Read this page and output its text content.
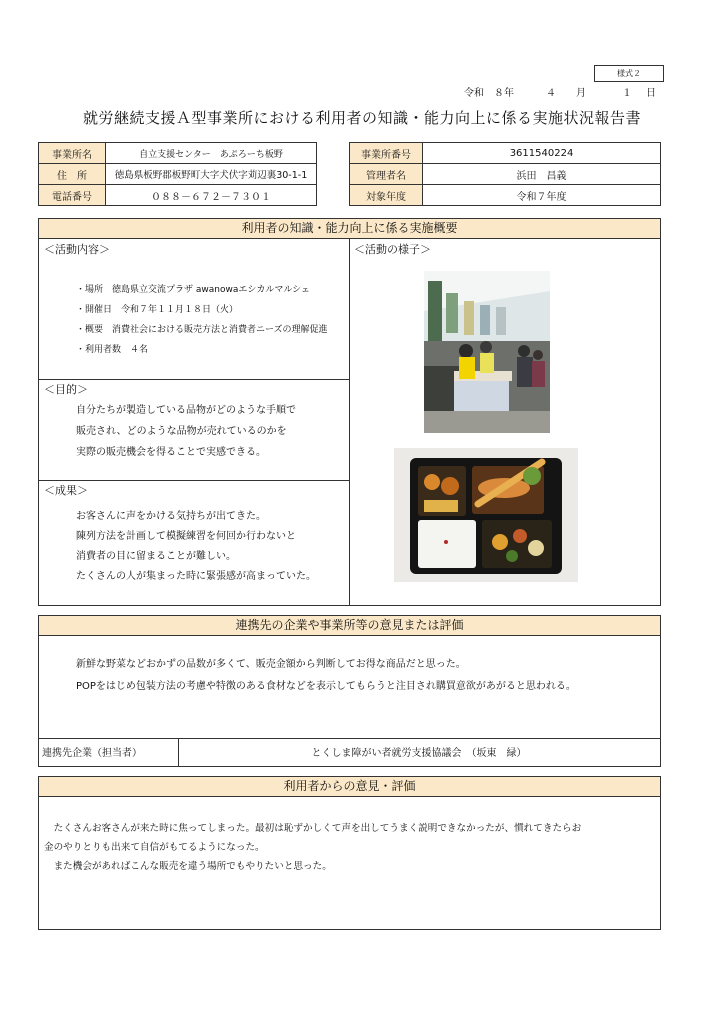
様式２
令和　８年	４ 月	１ 日
就労継続支援Ａ型事業所における利用者の知識・能力向上に係る実施状況報告書
事業所名	自立支援センター　あぷろーち板野
住　所	徳島県板野郡板野町大字犬伏字苅辺裏30-1-1
電話番号	０８８－６７２－７３０１
事業所番号	3611540224
管理者名	浜田　昌義
対象年度	令和７年度
利用者の知識・能力向上に係る実施概要
＜活動内容＞
・場所　徳島県立交流プラザ awanowaエシカルマルシェ
・開催日　令和７年１１月１８日（火）
・概要　消費社会における販売方法と消費者ニーズの理解促進
・利用者数　４名
＜活動の様子＞
＜目的＞
自分たちが製造している品物がどのような手順で
販売され、どのような品物が売れているのかを
実際の販売機会を得ることで実感できる。
＜成果＞
お客さんに声をかける気持ちが出てきた。
陳列方法を計画して模擬練習を何回か行わないと
消費者の目に留まることが難しい。
たくさんの人が集まった時に緊張感が高まっていた。
連携先の企業や事業所等の意見または評価
新鮮な野菜などおかずの品数が多くて、販売金額から判断してお得な商品だと思った。
POPをはじめ包装方法の考慮や特徴のある食材などを表示してもらうと注目され購買意欲があがると思われる。
連携先企業（担当者）	とくしま障がい者就労支援協議会　（坂東　緑）
利用者からの意見・評価
　たくさんお客さんが来た時に焦ってしまった。最初は恥ずかしくて声を出してうまく説明できなかったが、慣れてきたらお
金のやりとりも出来て自信がもてるようになった。
　また機会があればこんな販売を違う場所でもやりたいと思った。
